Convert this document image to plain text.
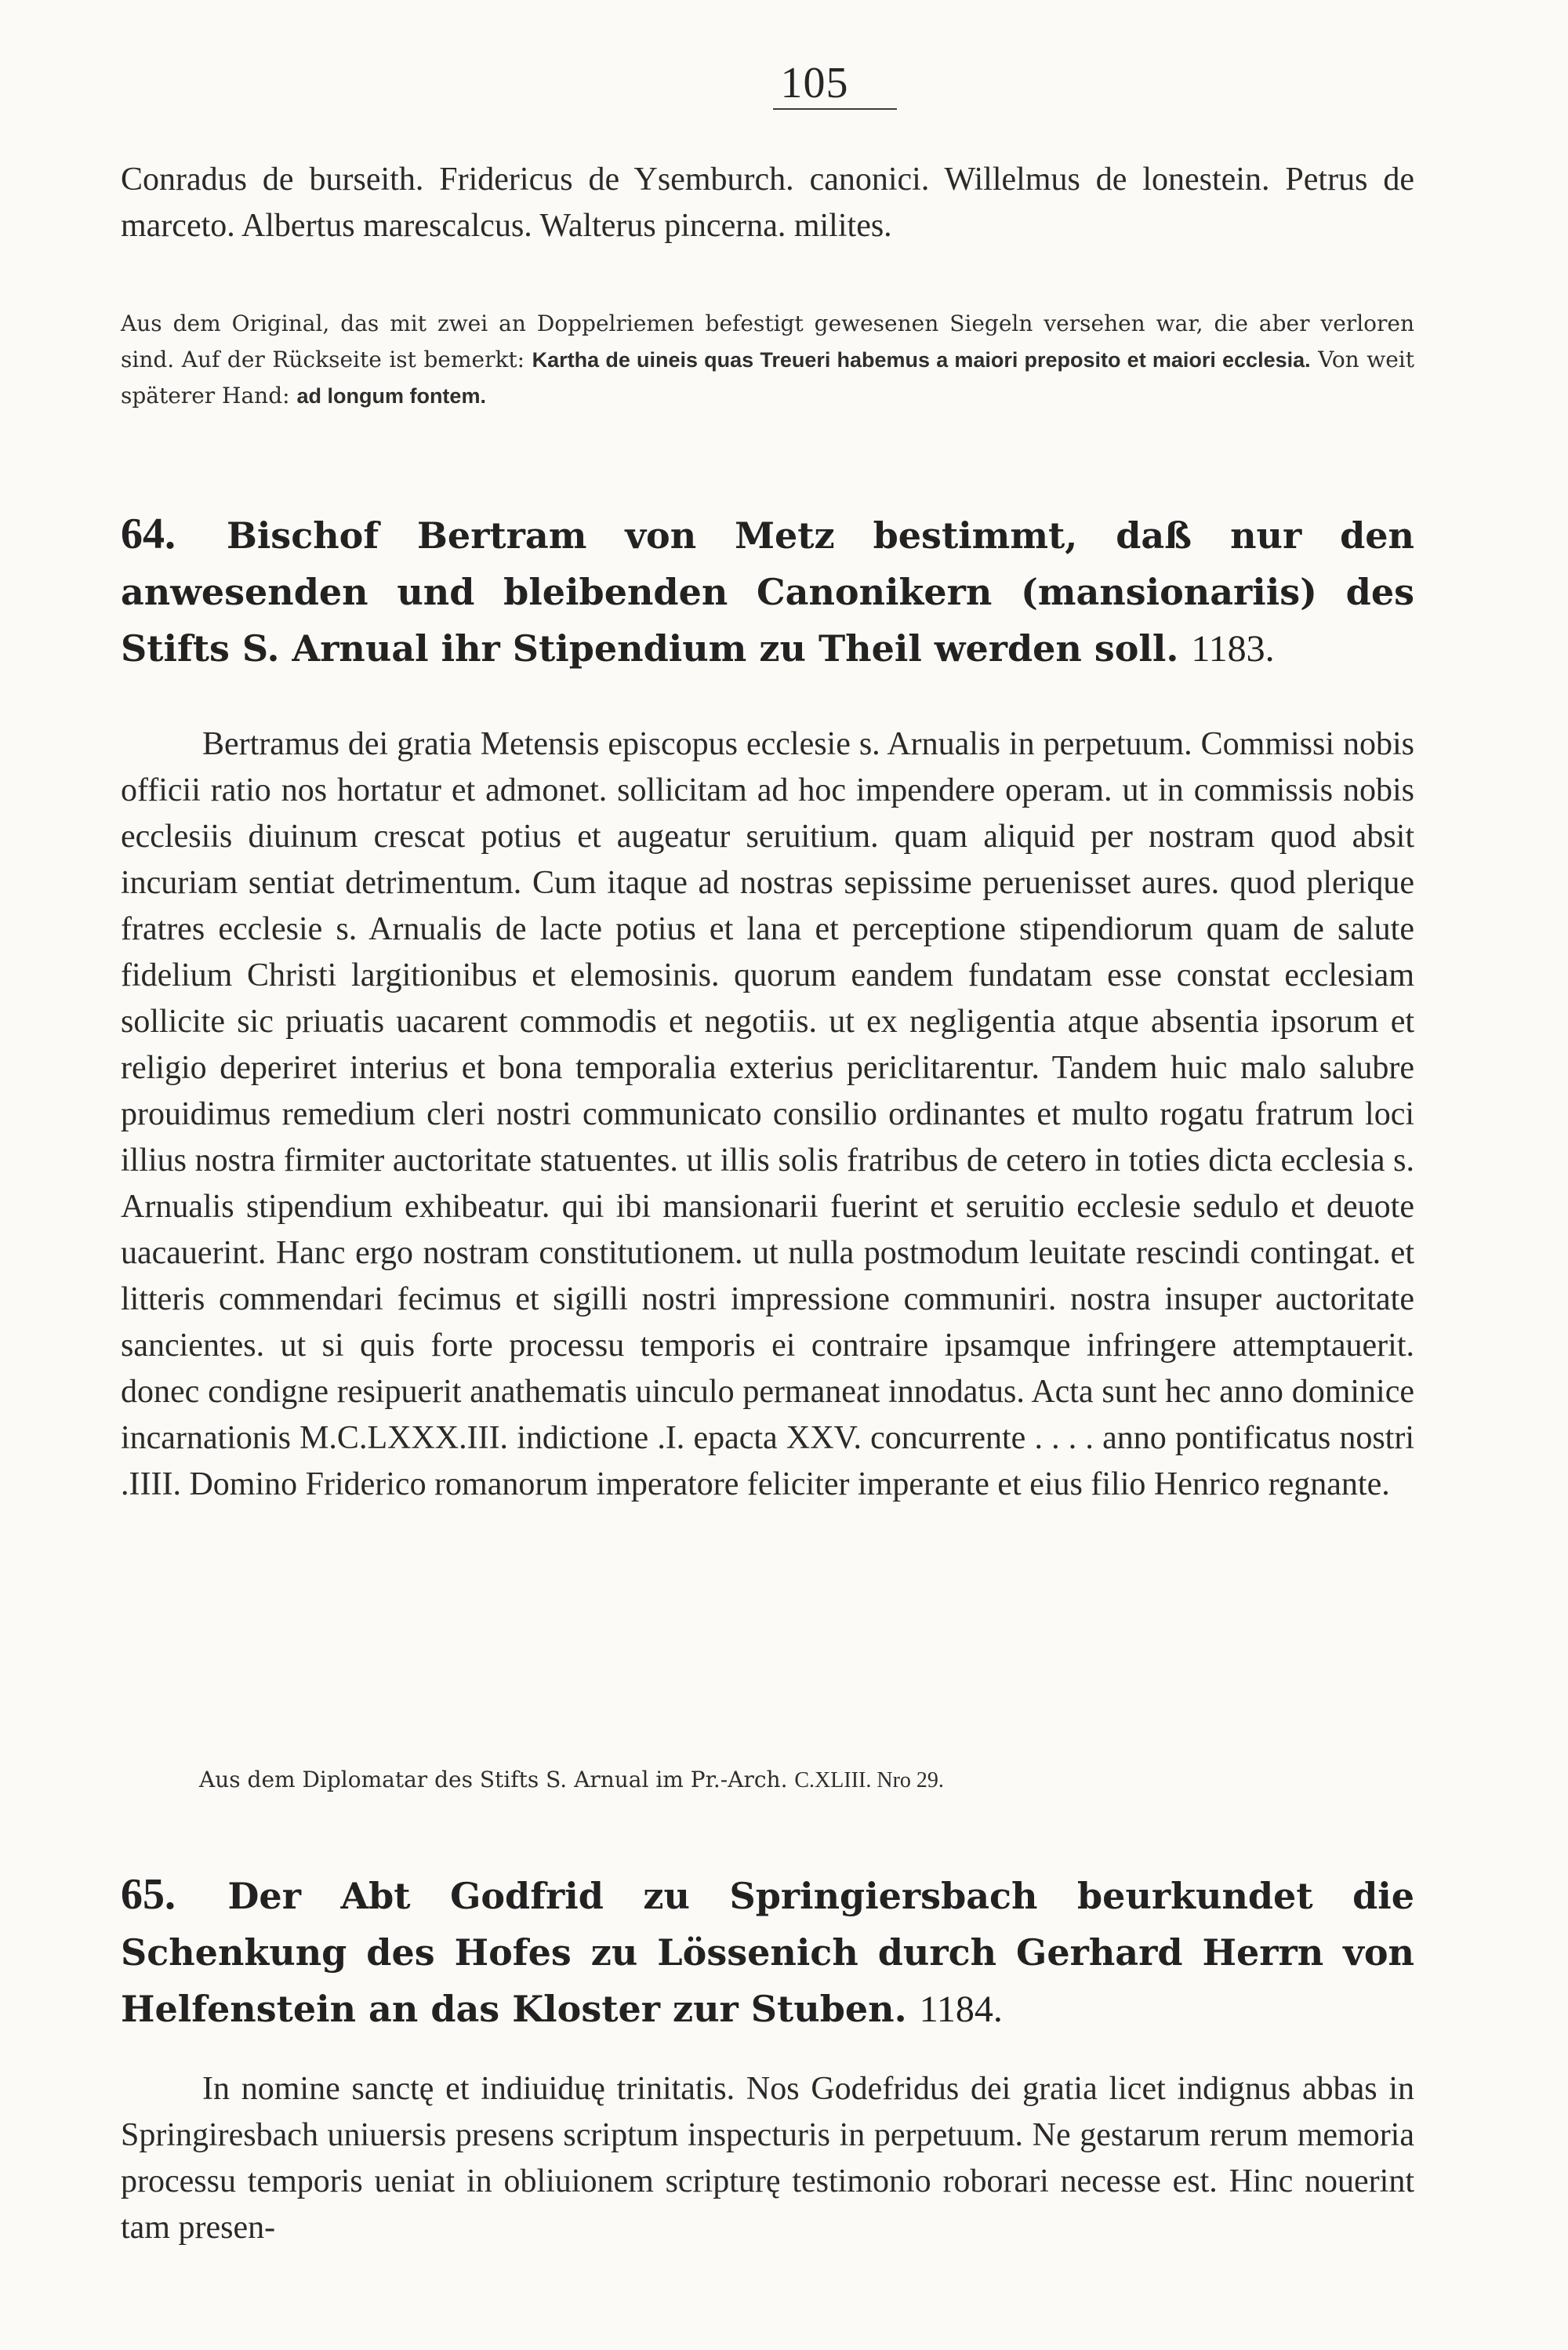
105

Conradus de burseith. Fridericus de Ysemburch. canonici. Willelmus de lonestein. Petrus de marceto. Albertus marescalcus. Walterus pincerna. milites.

Aus dem Original, das mit zwei an Doppelriemen befestigt gewesenen Siegeln versehen war, die aber verloren sind. Auf der Rückseite ist bemerkt: Kartha de uineis quas Treueri habemus a maiori preposito et maiori ecclesia. Von weit späterer Hand: ad longum fontem.

64. Bischof Bertram von Metz bestimmt, daß nur den anwesenden und bleibenden Canonikern (mansionariis) des Stifts S. Arnual ihr Stipendium zu Theil werden soll. 1183.

Bertramus dei gratia Metensis episcopus ecclesie s. Arnualis in perpetuum. Commissi nobis officii ratio nos hortatur et admonet. sollicitam ad hoc impendere operam. ut in commissis nobis ecclesiis diuinum crescat potius et augeatur seruitium. quam aliquid per nostram quod absit incuriam sentiat detrimentum. Cum itaque ad nostras sepissime peruenisset aures. quod plerique fratres ecclesie s. Arnualis de lacte potius et lana et perceptione stipendiorum quam de salute fidelium Christi largitionibus et elemosinis. quorum eandem fundatam esse constat ecclesiam sollicite sic priuatis uacarent commodis et negotiis. ut ex negligentia atque absentia ipsorum et religio deperiret interius et bona temporalia exterius periclitarentur. Tandem huic malo salubre prouidimus remedium cleri nostri communicato consilio ordinantes et multo rogatu fratrum loci illius nostra firmiter auctoritate statuentes. ut illis solis fratribus de cetero in toties dicta ecclesia s. Arnualis stipendium exhibeatur. qui ibi mansionarii fuerint et seruitio ecclesie sedulo et deuote uacauerint. Hanc ergo nostram constitutionem. ut nulla postmodum leuitate rescindi contingat. et litteris commendari fecimus et sigilli nostri impressione communiri. nostra insuper auctoritate sancientes. ut si quis forte processu temporis ei contraire ipsamque infringere attemptauerit. donec condigne resipuerit anathematis uinculo permaneat innodatus. Acta sunt hec anno dominice incarnationis M.C.LXXX.III. indictione .I. epacta XXV. concurrente . . . . anno pontificatus nostri .IIII. Domino Friderico romanorum imperatore feliciter imperante et eius filio Henrico regnante.

Aus dem Diplomatar des Stifts S. Arnual im Pr.-Arch. C.XLIII. Nro 29.
65. Der Abt Godfrid zu Springiersbach beurkundet die Schenkung des Hofes zu Lössenich durch Gerhard Herrn von Helfenstein an das Kloster zur Stuben. 1184.

In nomine sanctę et indiuiduę trinitatis. Nos Godefridus dei gratia licet indignus abbas in Springiresbach uniuersis presens scriptum inspecturis in perpetuum. Ne gestarum rerum memoria processu temporis ueniat in obliuionem scripturę testimonio roborari necesse est. Hinc nouerint tam presen-
